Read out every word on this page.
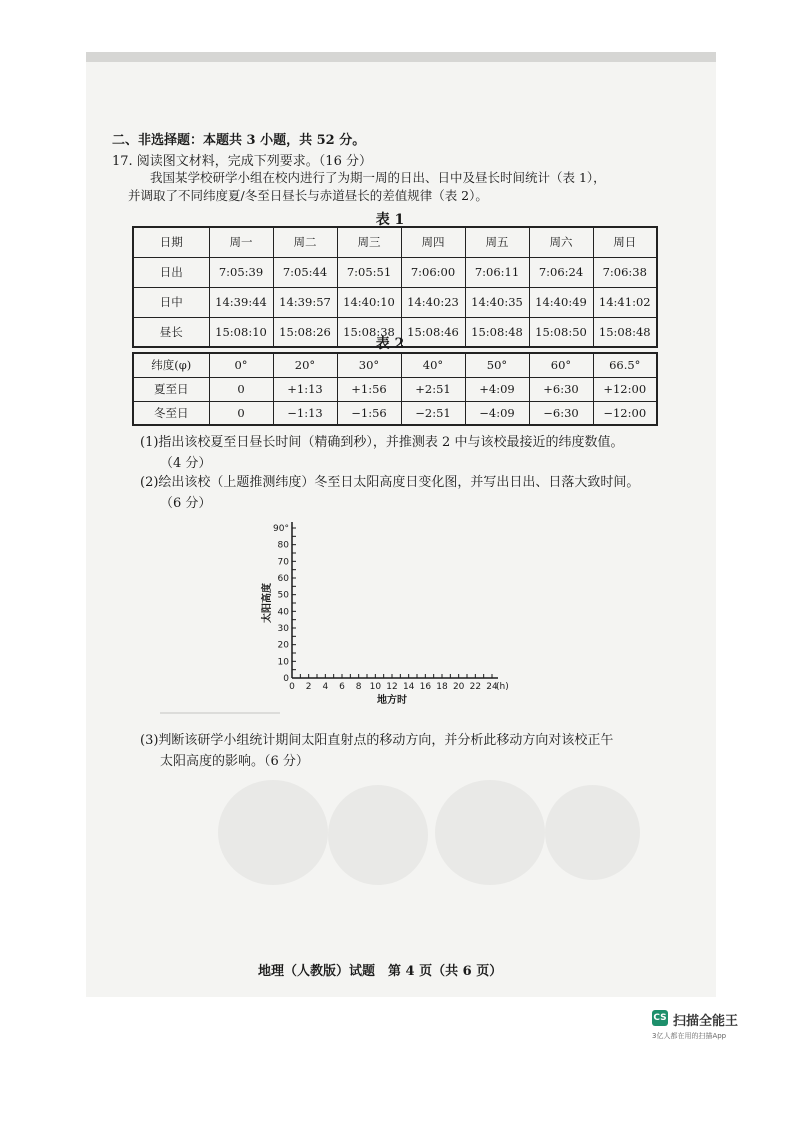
二、非选择题：本题共 3 小题，共 52 分。
17. 阅读图文材料，完成下列要求。（16 分）
我国某学校研学小组在校内进行了为期一周的日出、日中及昼长时间统计（表 1），
并调取了不同纬度夏/冬至日昼长与赤道昼长的差值规律（表 2）。
表 1
日期	周一	周二	周三	周四	周五	周六	周日
日出	7:05:39	7:05:44	7:05:51	7:06:00	7:06:11	7:06:24	7:06:38
日中	14:39:44	14:39:57	14:40:10	14:40:23	14:40:35	14:40:49	14:41:02
昼长	15:08:10	15:08:26	15:08:38	15:08:46	15:08:48	15:08:50	15:08:48
表 2
纬度(φ)	0°	20°	30°	40°	50°	60°	66.5°
夏至日	0	+1:13	+1:56	+2:51	+4:09	+6:30	+12:00
冬至日	0	−1:13	−1:56	−2:51	−4:09	−6:30	−12:00
(1)指出该校夏至日昼长时间（精确到秒），并推测表 2 中与该校最接近的纬度数值。
（4 分）
(2)绘出该校（上题推测纬度）冬至日太阳高度日变化图，并写出日出、日落大致时间。
（6 分）
0 2 4 6 8 10 12 14 16 18 20 22 24
(h)
0
10
20
30
40
50
60
70
80
90°
地方时
太阳高度
(3)判断该研学小组统计期间太阳直射点的移动方向，并分析此移动方向对该校正午
太阳高度的影响。（6 分）
地理（人教版）试题　第 4 页（共 6 页）
CS 扫描全能王
3亿人都在用的扫描App
